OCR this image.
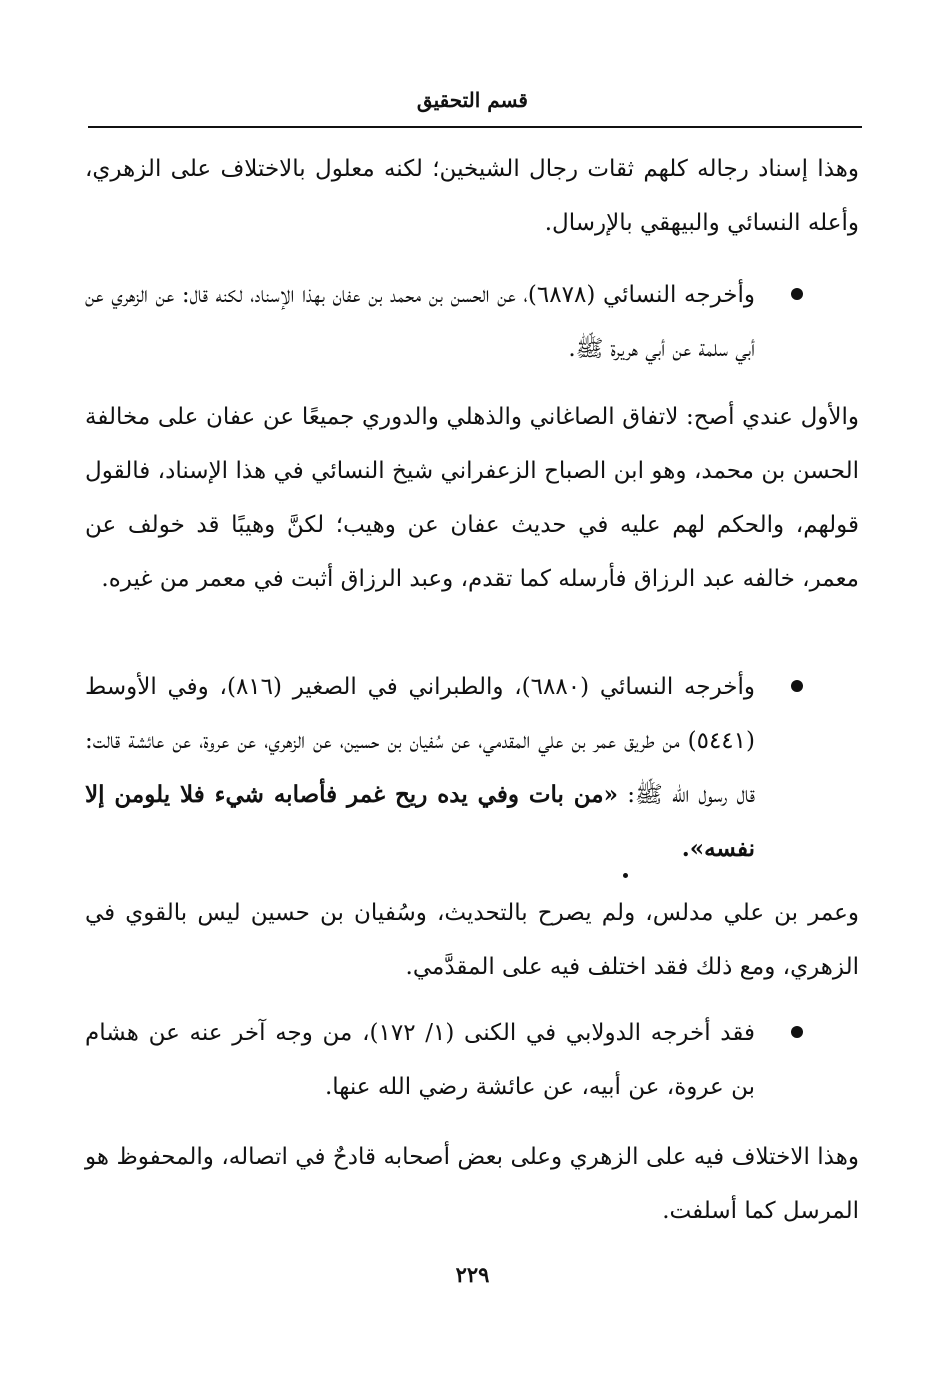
قسم التحقيق

وهذا إسناد رجاله كلهم ثقات رجال الشيخين؛ لكنه معلول بالاختلاف على الزهري، وأعله النسائي والبيهقي بالإرسال.

وأخرجه النسائي (٦٨٧٨)، عن الحسن بن محمد بن عفان بهذا الإسناد، لكنه قال: عن الزهري عن أبي سلمة عن أبي هريرة ﷺ.

والأول عندي أصح: لاتفاق الصاغاني والذهلي والدوري جميعًا عن عفان على مخالفة الحسن بن محمد، وهو ابن الصباح الزعفراني شيخ النسائي في هذا الإسناد، فالقول قولهم، والحكم لهم عليه في حديث عفان عن وهيب؛ لكنَّ وهيبًا قد خولف عن معمر، خالفه عبد الرزاق فأرسله كما تقدم، وعبد الرزاق أثبت في معمر من غيره.

وأخرجه النسائي (٦٨٨٠)، والطبراني في الصغير (٨١٦)، وفي الأوسط (٥٤٤١) من طريق عمر بن علي المقدمي، عن سُفيان بن حسين، عن الزهري، عن عروة، عن عائشة قالت: قال رسول الله ﷺ: «من بات وفي يده ريح غمر فأصابه شيء فلا يلومن إلا نفسه».

وعمر بن علي مدلس، ولم يصرح بالتحديث، وسُفيان بن حسين ليس بالقوي في الزهري، ومع ذلك فقد اختلف فيه على المقدَّمي.

فقد أخرجه الدولابي في الكنى (١/ ١٧٢)، من وجه آخر عنه عن هشام بن عروة، عن أبيه، عن عائشة رضي الله عنها.

وهذا الاختلاف فيه على الزهري وعلى بعض أصحابه قادحٌ في اتصاله، والمحفوظ هو المرسل كما أسلفت.

٢٢٩
